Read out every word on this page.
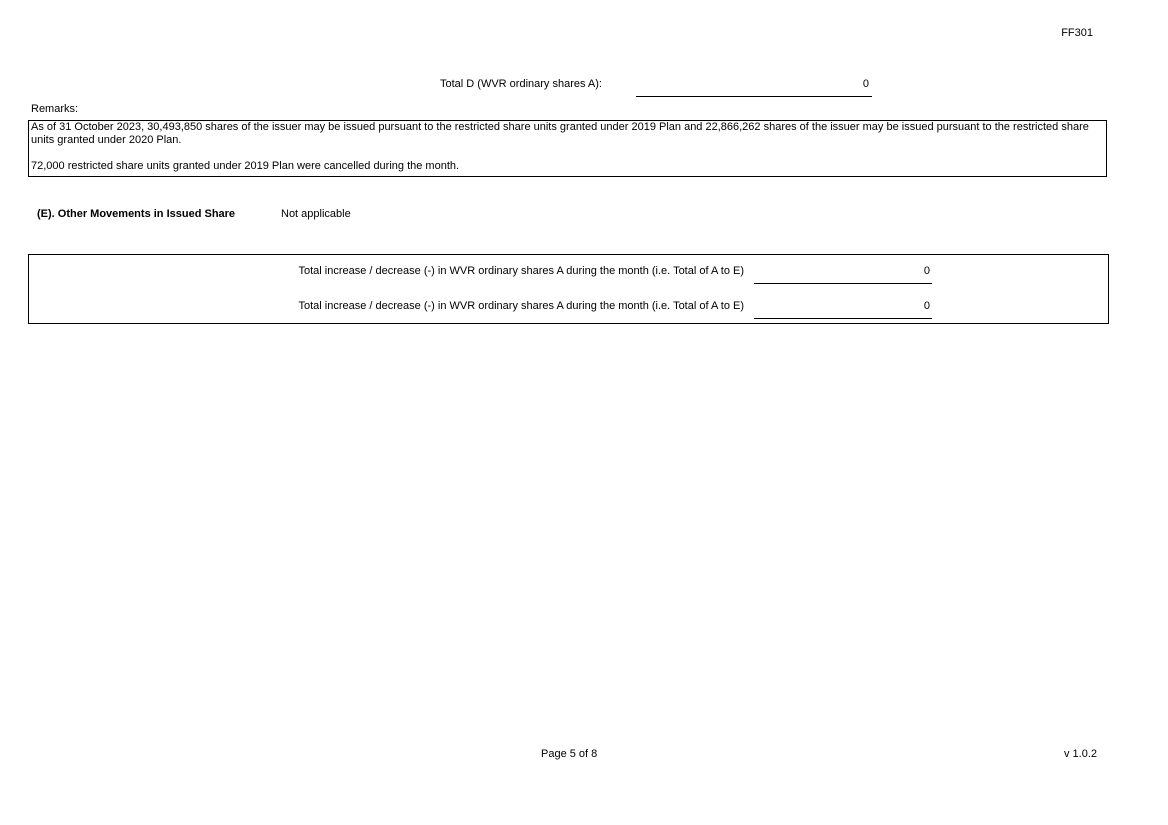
FF301
Total D (WVR ordinary shares A):	0
Remarks:

As of 31 October 2023, 30,493,850 shares of the issuer may be issued pursuant to the restricted share units granted under 2019 Plan and 22,866,262 shares of the issuer may be issued pursuant to the restricted share units granted under 2020 Plan.

72,000 restricted share units granted under 2019 Plan were cancelled during the month.

(E). Other Movements in Issued Share	Not applicable
Total increase / decrease (-) in WVR ordinary shares A during the month (i.e. Total of A to E)	0
Total increase / decrease (-) in WVR ordinary shares A during the month (i.e. Total of A to E)	0
Page 5 of 8	v 1.0.2
